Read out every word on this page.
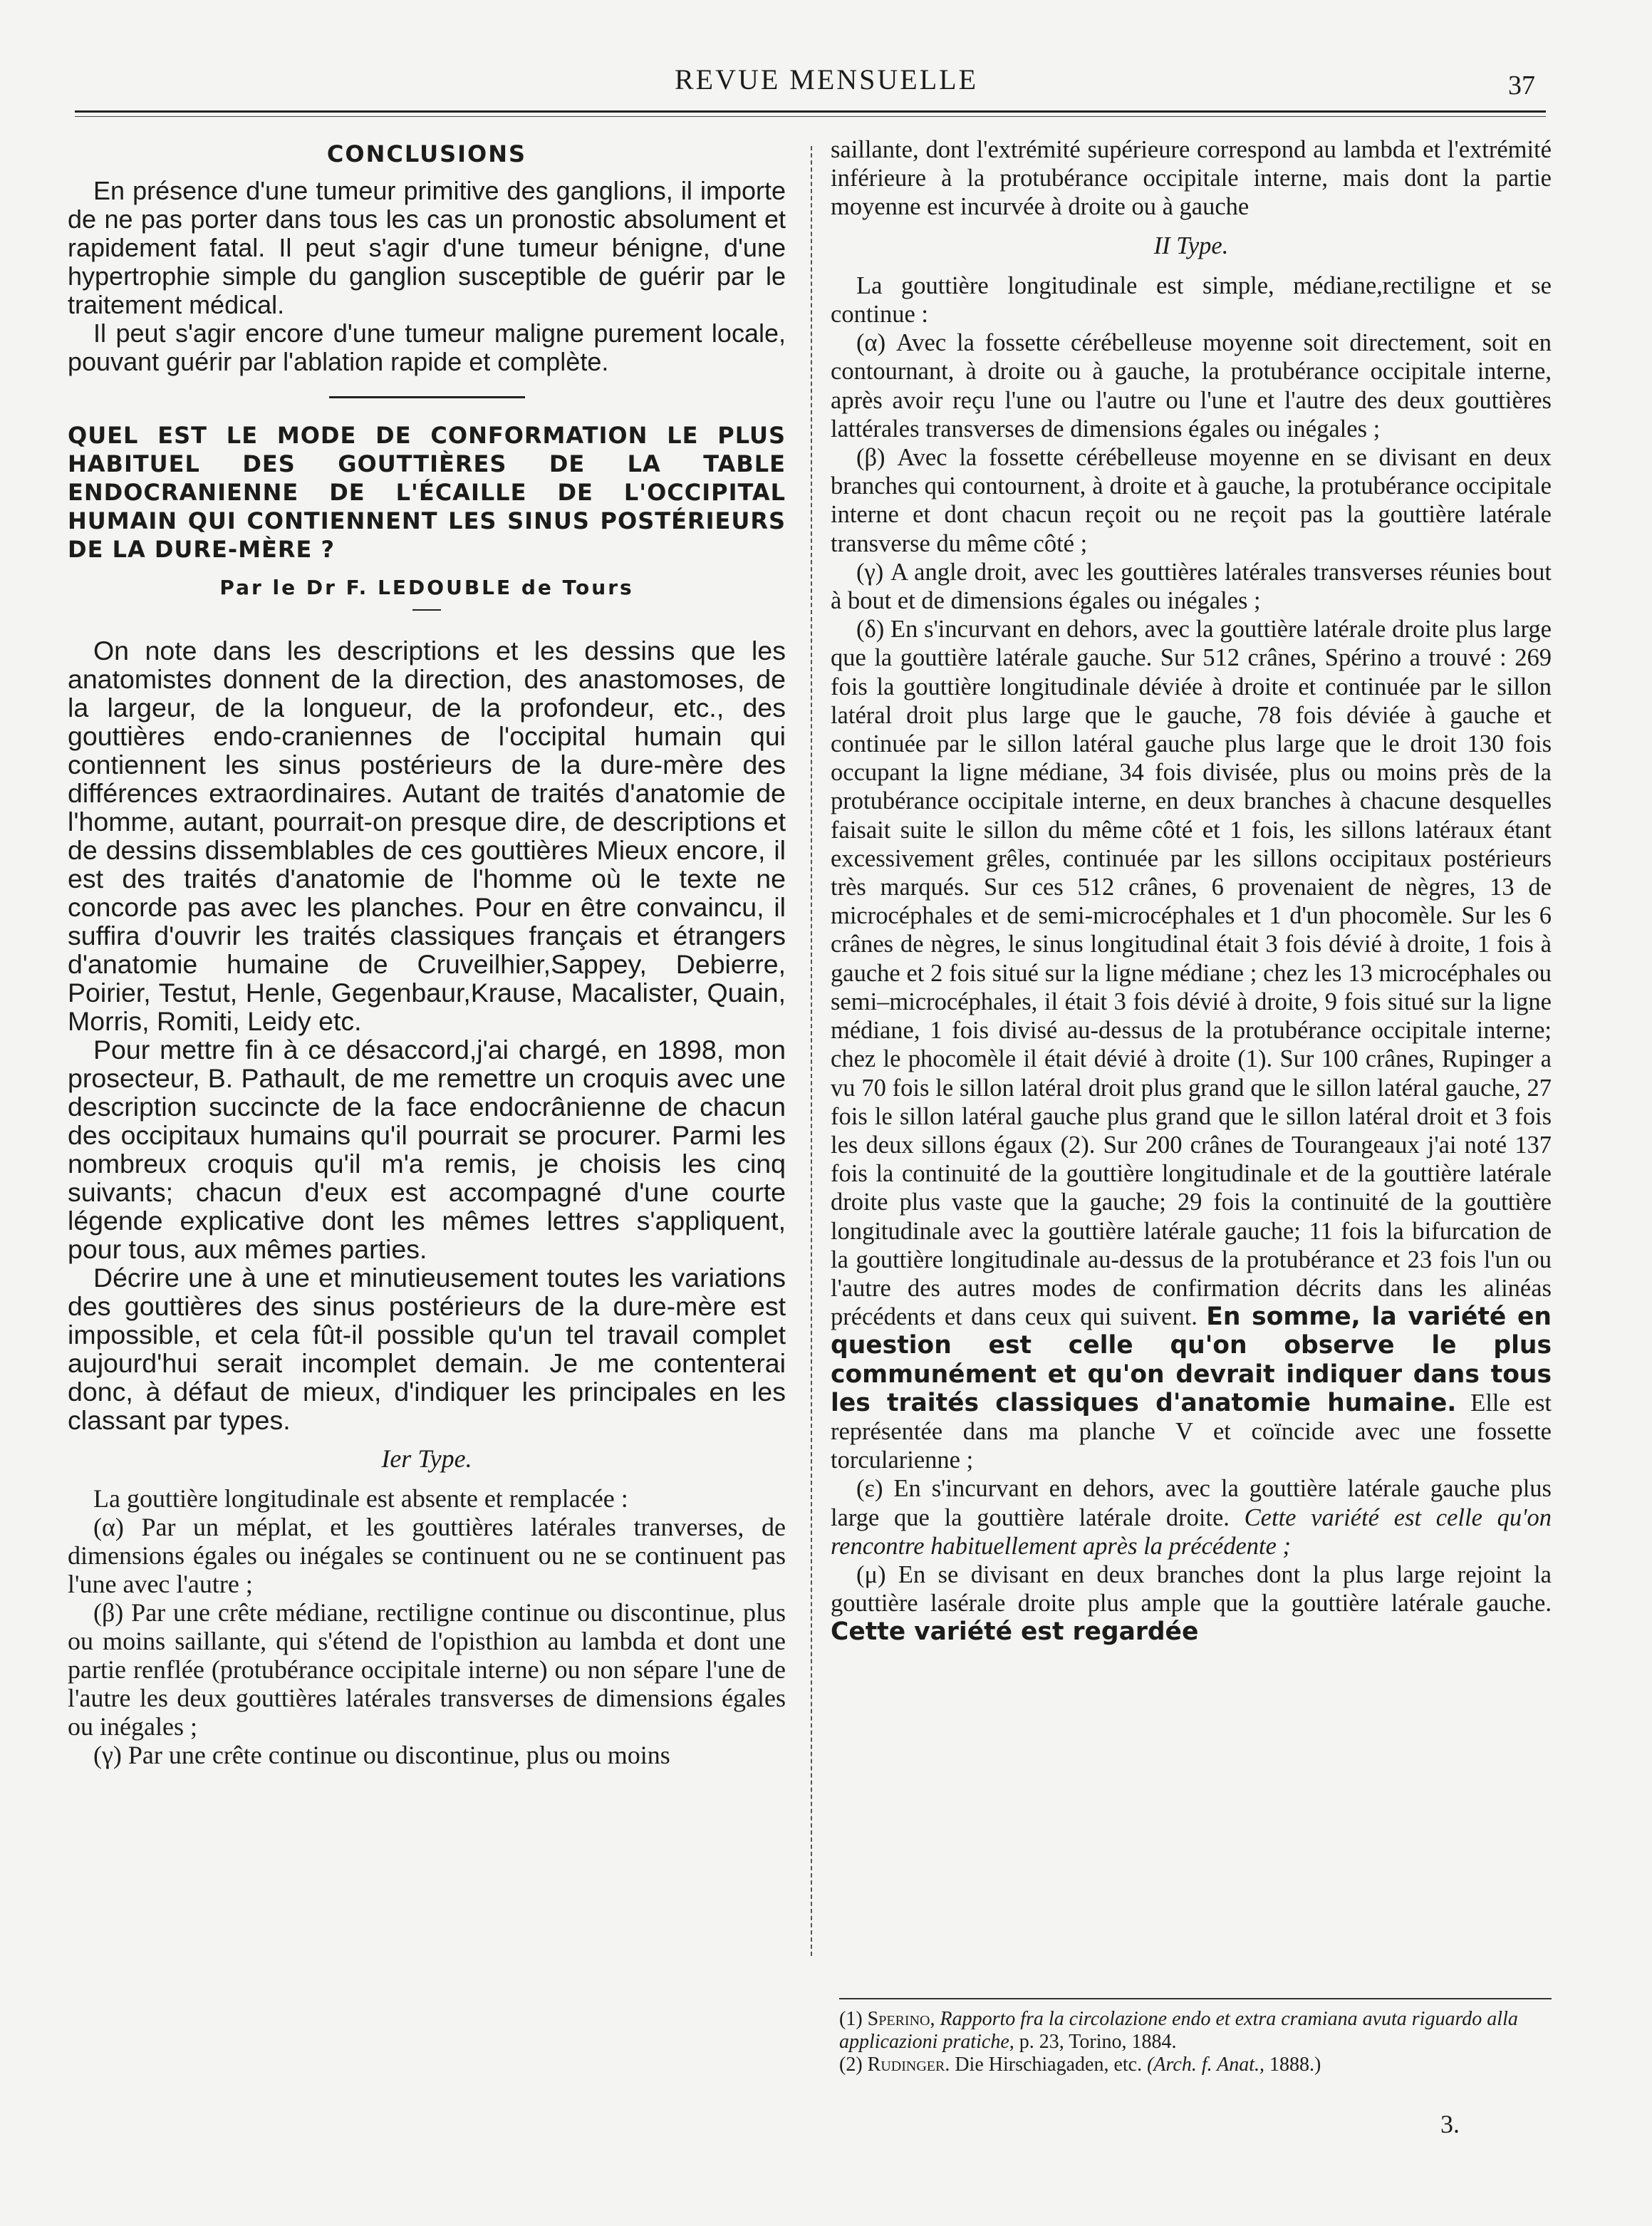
REVUE MENSUELLE	37
CONCLUSIONS

En présence d'une tumeur primitive des ganglions, il importe de ne pas porter dans tous les cas un pronostic absolument et rapidement fatal. Il peut s'agir d'une tumeur bénigne, d'une hypertrophie simple du ganglion susceptible de guérir par le traitement médical.

Il peut s'agir encore d'une tumeur maligne purement locale, pouvant guérir par l'ablation rapide et complète.

QUEL EST LE MODE DE CONFORMATION LE PLUS HABITUEL DES GOUTTIÈRES DE LA TABLE ENDOCRANIENNE DE L'ÉCAILLE DE L'OCCIPITAL HUMAIN QUI CONTIENNENT LES SINUS POSTÉRIEURS DE LA DURE-MÈRE ?
Par le Dr F. LEDOUBLE de Tours

On note dans les descriptions et les dessins que les anatomistes donnent de la direction, des anastomoses, de la largeur, de la longueur, de la profondeur, etc., des gouttières endo-craniennes de l'occipital humain qui contiennent les sinus postérieurs de la dure-mère des différences extraordinaires. Autant de traités d'anatomie de l'homme, autant, pourrait-on presque dire, de descriptions et de dessins dissemblables de ces gouttières Mieux encore, il est des traités d'anatomie de l'homme où le texte ne concorde pas avec les planches. Pour en être convaincu, il suffira d'ouvrir les traités classiques français et étrangers d'anatomie humaine de Cruveilhier,Sappey, Debierre, Poirier, Testut, Henle, Gegenbaur,Krause, Macalister, Quain, Morris, Romiti, Leidy etc.

Pour mettre fin à ce désaccord,j'ai chargé, en 1898, mon prosecteur, B. Pathault, de me remettre un croquis avec une description succincte de la face endocrânienne de chacun des occipitaux humains qu'il pourrait se procurer. Parmi les nombreux croquis qu'il m'a remis, je choisis les cinq suivants; chacun d'eux est accompagné d'une courte légende explicative dont les mêmes lettres s'appliquent, pour tous, aux mêmes parties.

Décrire une à une et minutieusement toutes les variations des gouttières des sinus postérieurs de la dure-mère est impossible, et cela fût-il possible qu'un tel travail complet aujourd'hui serait incomplet demain. Je me contenterai donc, à défaut de mieux, d'indiquer les principales en les classant par types.

Ier Type.

La gouttière longitudinale est absente et remplacée :

(α) Par un méplat, et les gouttières latérales tranverses, de dimensions égales ou inégales se continuent ou ne se continuent pas l'une avec l'autre ;

(β) Par une crête médiane, rectiligne continue ou discontinue, plus ou moins saillante, qui s'étend de l'opisthion au lambda et dont une partie renflée (protubérance occipitale interne) ou non sépare l'une de l'autre les deux gouttières latérales transverses de dimensions égales ou inégales ;

(γ) Par une crête continue ou discontinue, plus ou moins

saillante, dont l'extrémité supérieure correspond au lambda et l'extrémité inférieure à la protubérance occipitale interne, mais dont la partie moyenne est incurvée à droite ou à gauche

II Type.

La gouttière longitudinale est simple, médiane,rectiligne et se continue :

(α) Avec la fossette cérébelleuse moyenne soit directement, soit en contournant, à droite ou à gauche, la protubérance occipitale interne, après avoir reçu l'une ou l'autre ou l'une et l'autre des deux gouttières lattérales transverses de dimensions égales ou inégales ;

(β) Avec la fossette cérébelleuse moyenne en se divisant en deux branches qui contournent, à droite et à gauche, la protubérance occipitale interne et dont chacun reçoit ou ne reçoit pas la gouttière latérale transverse du même côté ;

(γ) A angle droit, avec les gouttières latérales transverses réunies bout à bout et de dimensions égales ou inégales ;

(δ) En s'incurvant en dehors, avec la gouttière latérale droite plus large que la gouttière latérale gauche. Sur 512 crânes, Spérino a trouvé : 269 fois la gouttière longitudinale déviée à droite et continuée par le sillon latéral droit plus large que le gauche, 78 fois déviée à gauche et continuée par le sillon latéral gauche plus large que le droit 130 fois occupant la ligne médiane, 34 fois divisée, plus ou moins près de la protubérance occipitale interne, en deux branches à chacune desquelles faisait suite le sillon du même côté et 1 fois, les sillons latéraux étant excessivement grêles, continuée par les sillons occipitaux postérieurs très marqués. Sur ces 512 crânes, 6 provenaient de nègres, 13 de microcéphales et de semi-microcéphales et 1 d'un phocomèle. Sur les 6 crânes de nègres, le sinus longitudinal était 3 fois dévié à droite, 1 fois à gauche et 2 fois situé sur la ligne médiane ; chez les 13 microcéphales ou semi–microcéphales, il était 3 fois dévié à droite, 9 fois situé sur la ligne médiane, 1 fois divisé au-dessus de la protubérance occipitale interne; chez le phocomèle il était dévié à droite (1). Sur 100 crânes, Rupinger a vu 70 fois le sillon latéral droit plus grand que le sillon latéral gauche, 27 fois le sillon latéral gauche plus grand que le sillon latéral droit et 3 fois les deux sillons égaux (2). Sur 200 crânes de Tourangeaux j'ai noté 137 fois la continuité de la gouttière longitudinale et de la gouttière latérale droite plus vaste que la gauche; 29 fois la continuité de la gouttière longitudinale avec la gouttière latérale gauche; 11 fois la bifurcation de la gouttière longitudinale au-dessus de la protubérance et 23 fois l'un ou l'autre des autres modes de confirmation décrits dans les alinéas précédents et dans ceux qui suivent. En somme, la variété en question est celle qu'on observe le plus communément et qu'on devrait indiquer dans tous les traités classiques d'anatomie humaine. Elle est représentée dans ma planche V et coïncide avec une fossette torcularienne ;

(ε) En s'incurvant en dehors, avec la gouttière latérale gauche plus large que la gouttière latérale droite. Cette variété est celle qu'on rencontre habituellement après la précédente ;

(μ) En se divisant en deux branches dont la plus large rejoint la gouttière lasérale droite plus ample que la gouttière latérale gauche. Cette variété est regardée

(1) Sperino, Rapporto fra la circolazione endo et extra cramiana avuta riguardo alla applicazioni pratiche, p. 23, Torino, 1884.

(2) Rudinger. Die Hirschiagaden, etc. (Arch. f. Anat., 1888.)

3.
